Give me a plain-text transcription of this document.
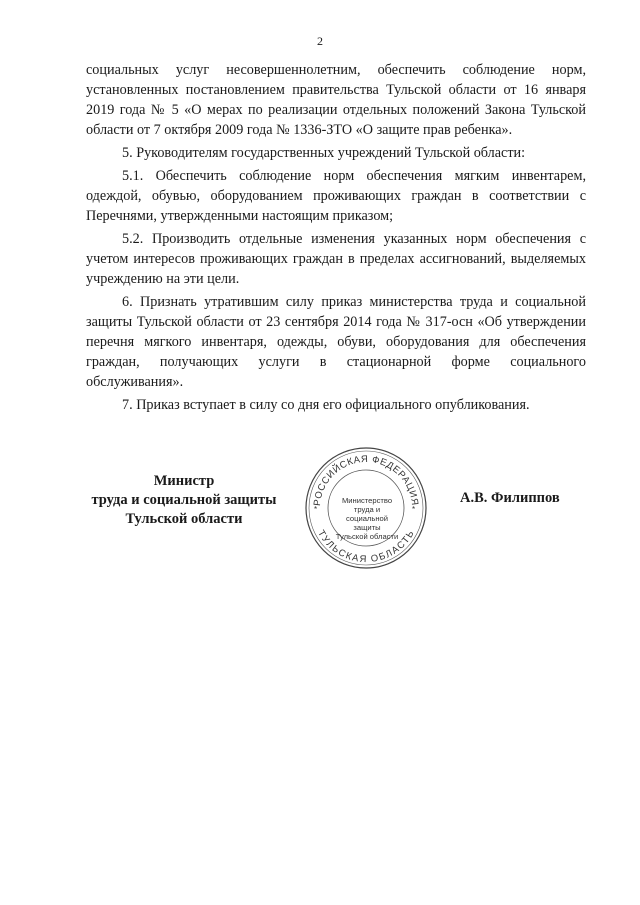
2

социальных услуг несовершеннолетним, обеспечить соблюдение норм, установленных постановлением правительства Тульской области от 16 января 2019 года № 5 «О мерах по реализации отдельных положений Закона Тульской области от 7 октября 2009 года № 1336-ЗТО «О защите прав ребенка».

5. Руководителям государственных учреждений Тульской области:

5.1. Обеспечить соблюдение норм обеспечения мягким инвентарем, одеждой, обувью, оборудованием проживающих граждан в соответствии с Перечнями, утвержденными настоящим приказом;

5.2. Производить отдельные изменения указанных норм обеспечения с учетом интересов проживающих граждан в пределах ассигнований, выделяемых учреждению на эти цели.

6. Признать утратившим силу приказ министерства труда и социальной защиты Тульской области от 23 сентября 2014 года № 317-осн «Об утверждении перечня мягкого инвентаря, одежды, обуви, оборудования для обеспечения граждан, получающих услуги в стационарной форме социального обслуживания».

7. Приказ вступает в силу со дня его официального опубликования.

Министр
труда и социальной защиты
Тульской области
РОССИЙСКАЯ ФЕДЕРАЦИЯ
ТУЛЬСКАЯ ОБЛАСТЬ
*	*
Министерство
труда и
социальной защиты
Тульской области
А.В. Филиппов
